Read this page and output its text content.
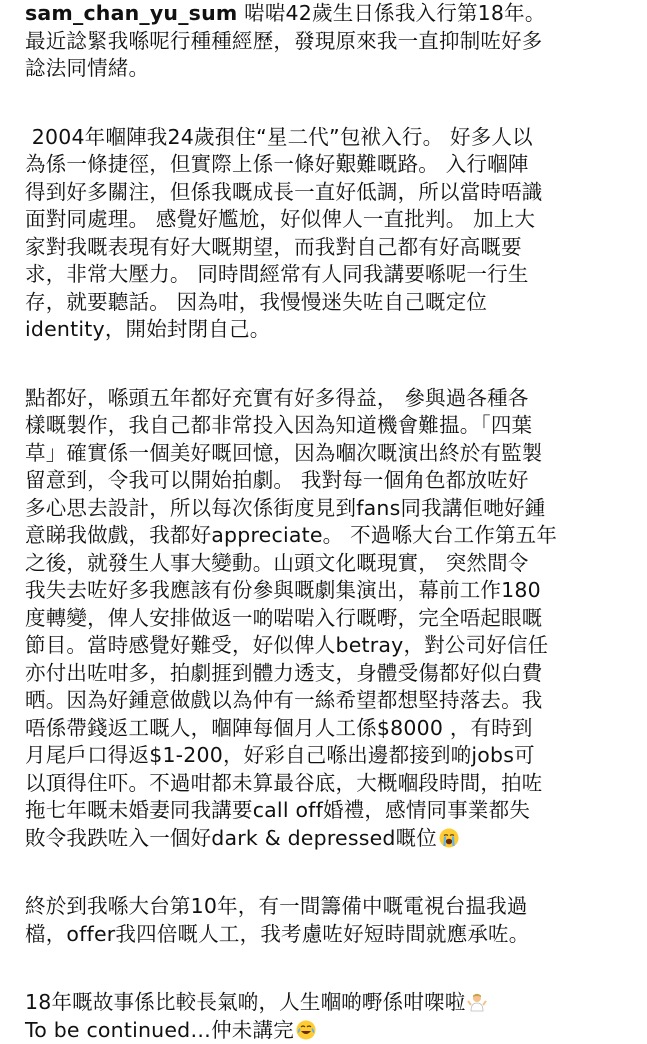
sam_chan_yu_sum 啱啱42歲生日係我入行第18年。
最近諗緊我喺呢行種種經歷，發現原來我一直抑制咗好多
諗法同情緒。
2004年嗰陣我24歲孭住“星二代”包袱入行。 好多人以
為係一條捷徑，但實際上係一條好艱難嘅路。 入行嗰陣
得到好多關注，但係我嘅成長一直好低調，所以當時唔識
面對同處理。 感覺好尷尬，好似俾人一直批判。 加上大
家對我嘅表現有好大嘅期望，而我對自己都有好高嘅要
求，非常大壓力。 同時間經常有人同我講要喺呢一行生
存，就要聽話。 因為咁，我慢慢迷失咗自己嘅定位
identity，開始封閉自己。
點都好，喺頭五年都好充實有好多得益， 參與過各種各
樣嘅製作，我自己都非常投入因為知道機會難揾。「四葉
草」確實係一個美好嘅回憶，因為嗰次嘅演出終於有監製
留意到，令我可以開始拍劇。 我對每一個角色都放咗好
多心思去設計，所以每次係街度見到fans同我講佢哋好鍾
意睇我做戲，我都好appreciate。 不過喺大台工作第五年
之後，就發生人事大變動。山頭文化嘅現實， 突然間令
我失去咗好多我應該有份參與嘅劇集演出，幕前工作180
度轉變，俾人安排做返一啲啱啱入行嘅嘢，完全唔起眼嘅
節目。當時感覺好難受，好似俾人betray，對公司好信任
亦付出咗咁多，拍劇捱到體力透支，身體受傷都好似白費
晒。因為好鍾意做戲以為仲有一絲希望都想堅持落去。我
唔係帶錢返工嘅人，嗰陣每個月人工係$8000 ，有時到
月尾戶口得返$1-200，好彩自己喺出邊都接到啲jobs可
以頂得住吓。不過咁都未算最谷底，大概嗰段時間，拍咗
拖七年嘅未婚妻同我講要call off婚禮，感情同事業都失
敗令我跌咗入一個好dark & depressed嘅位
終於到我喺大台第10年，有一間籌備中嘅電視台揾我過
檔，offer我四倍嘅人工，我考慮咗好短時間就應承咗。
18年嘅故事係比較長氣啲，人生嗰啲嘢係咁㗎啦
To be continued…仲未講完
